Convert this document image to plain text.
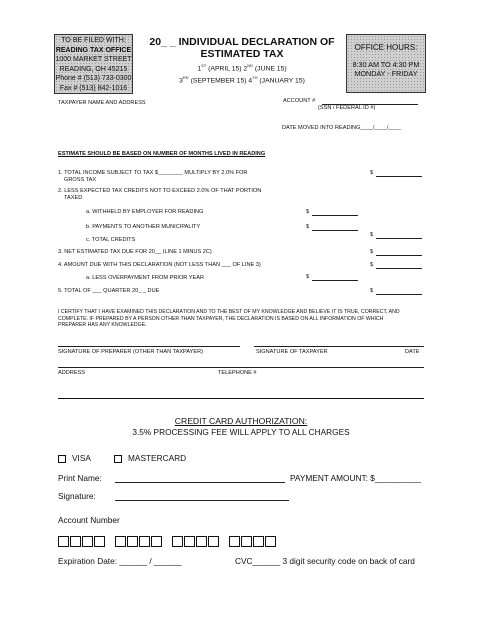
TO BE FILED WITH:
READING TAX OFFICE
1000 MARKET STREET
READING, OH 45215
Phone # (513) 733-0300
Fax # (513) 842-1016
20_ _ INDIVIDUAL DECLARATION OF
ESTIMATED TAX
1ST (APRIL 15) 2ND (JUNE 15)
3RD (SEPTEMBER 15) 4TH (JANUARY 15)
OFFICE HOURS:
8:30 AM TO 4:30 PM
MONDAY - FRIDAY
TAXPAYER NAME AND ADDRESS	ACCOUNT #
(SSN / FEDERAL ID #)
DATE MOVED INTO READING____/____/____
ESTIMATE SHOULD BE BASED ON NUMBER OF MONTHS LIVED IN READING
1. TOTAL INCOME SUBJECT TO TAX $________ MULTIPLY BY 2.0% FOR
GROSS TAX
$
2. LESS EXPECTED TAX CREDITS NOT TO EXCEED 2.0% OF THAT PORTION
TAXED
a. WITHHELD BY EMPLOYER FOR READING	$
b. PAYMENTS TO ANOTHER MUNICIPALITY	$
c. TOTAL CREDITS
$
3. NET ESTIMATED TAX DUE FOR 20__ (LINE 1 MINUS 2C)	$
4. AMOUNT DUE WITH THIS DECLARATION (NOT LESS THAN ___ OF LINE 3)	$
a. LESS OVERPAYMENT FROM PRIOR YEAR	$
5. TOTAL OF ___ QUARTER 20_ _ DUE	$
I CERTIFY THAT I HAVE EXAMINED THIS DECLARATION AND TO THE BEST OF MY KNOWLEDGE AND BELIEVE IT IS TRUE, CORRECT, AND
COMPLETE. IF PREPARED BY A PERSON OTHER THAN TAXPAYER, THE DECLARATION IS BASED ON ALL INFORMATION OF WHICH
PREPARER HAS ANY KNOWLEDGE.
SIGNATURE OF PREPARER (OTHER THAN TAXPAYER)	SIGNATURE OF TAXPAYER	DATE
ADDRESS	TELEPHONE #
CREDIT CARD AUTHORIZATION:
3.5% PROCESSING FEE WILL APPLY TO ALL CHARGES
VISA	MASTERCARD
Print Name:	PAYMENT AMOUNT: $__________
Signature:
Account Number
Expiration Date: ______ / ______	CVC______ 3 digit security code on back of card
